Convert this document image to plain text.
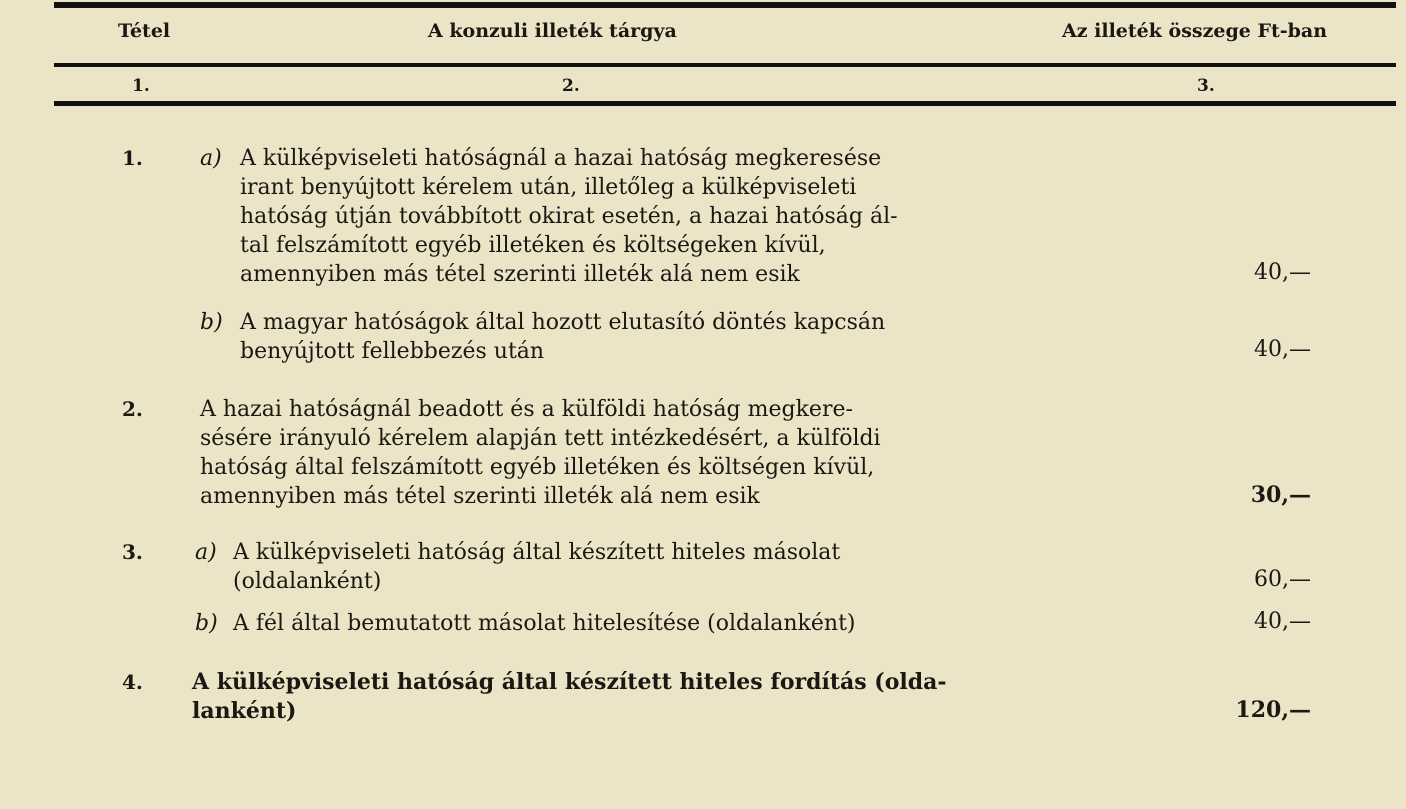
Tétel	A konzuli illeték tárgya	Az illeték összege Ft-ban
1.	2.	3.
1.	a) A külképviseleti hatóságnál a hazai hatóság megkeresése
irant benyújtott kérelem után, illetőleg a külképviseleti
hatóság útján továbbított okirat esetén, a hazai hatóság ál-
tal felszámított egyéb illetéken és költségeken kívül,
amennyiben más tétel szerinti illeték alá nem esik	40,—
b) A magyar hatóságok által hozott elutasító döntés kapcsán
benyújtott fellebbezés után	40,—
2.	A hazai hatóságnál beadott és a külföldi hatóság megkere-
sésére irányuló kérelem alapján tett intézkedésért, a külföldi
hatóság által felszámított egyéb illetéken és költségen kívül,
amennyiben más tétel szerinti illeték alá nem esik	30,—
3. a) A külképviseleti hatóság által készített hiteles másolat
(oldalanként)	60,—
b) A fél által bemutatott másolat hitelesítése (oldalanként)	40,—
4. A külképviseleti hatóság által készített hiteles fordítás (olda-
lanként)	120,—
